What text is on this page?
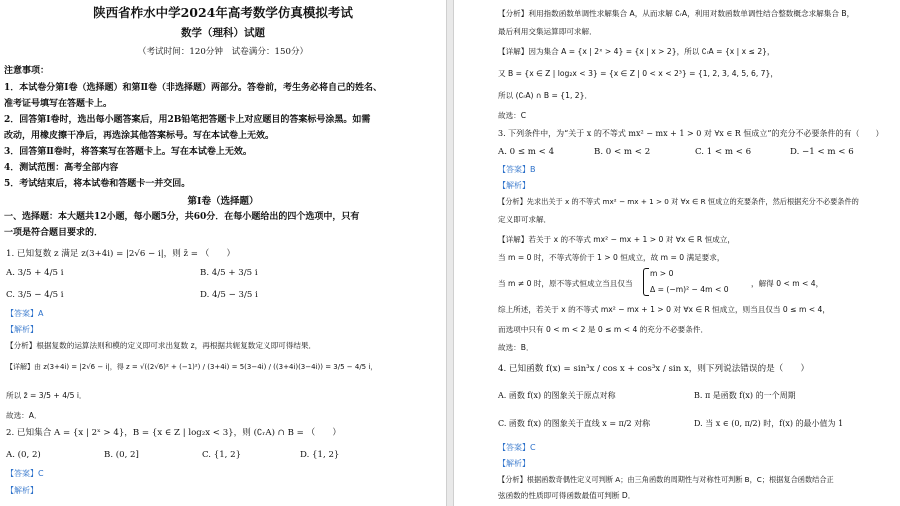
陕西省柞水中学2024年高考数学仿真模拟考试
数学（理科）试题
（考试时间：120分钟　试卷满分：150分）
注意事项：
1．本试卷分第Ⅰ卷（选择题）和第Ⅱ卷（非选择题）两部分。答卷前，考生务必将自己的姓名、
准考证号填写在答题卡上。
2．回答第Ⅰ卷时，选出每小题答案后，用2B铅笔把答题卡上对应题目的答案标号涂黑。如需
改动，用橡皮擦干净后，再选涂其他答案标号。写在本试卷上无效。
3．回答第Ⅱ卷时，将答案写在答题卡上。写在本试卷上无效。
4．测试范围：高考全部内容
5．考试结束后，将本试卷和答题卡一并交回。
第Ⅰ卷（选择题）
一、选择题：本大题共12小题，每小题5分，共60分．在每小题给出的四个选项中，只有
一项是符合题目要求的．
1. 已知复数 z 满足 z(3+4i) = |2√6 − i|，则 z̄ = （　　）
A. 3/5 + 4/5 i	B. 4/5 + 3/5 i
C. 3/5 − 4/5 i	D. 4/5 − 3/5 i
【答案】A
【解析】
【分析】根据复数的运算法则和模的定义即可求出复数 z，再根据共轭复数定义即可得结果．
【详解】由 z(3+4i) = |2√6 − i|，得 z = √((2√6)² + (−1)²) / (3+4i) = 5(3−4i) / ((3+4i)(3−4i)) = 3/5 − 4/5 i，
所以 z̄ = 3/5 + 4/5 i．
故选：A．
2. 已知集合 A = {x | 2ˣ > 4}，B = {x ∈ Z | log₂x < 3}，则 (∁ᵣA) ∩ B = （　　）
A. (0, 2)	B. (0, 2]	C. {1, 2}	D. {1, 2}
【答案】C
【解析】
【分析】利用指数函数单调性求解集合 A，从而求解 ∁ᵣA，利用对数函数单调性结合整数概念求解集合 B，
最后利用交集运算即可求解．
【详解】因为集合 A = {x | 2ˣ > 4} = {x | x > 2}，所以 ∁ᵣA = {x | x ≤ 2}，
又 B = {x ∈ Z | log₂x < 3} = {x ∈ Z | 0 < x < 2³} = {1, 2, 3, 4, 5, 6, 7}，
所以 (∁ᵣA) ∩ B = {1, 2}．
故选：C
3. 下列条件中，为“关于 x 的不等式 mx² − mx + 1 > 0 对 ∀x ∈ R 恒成立”的充分不必要条件的有（　　）
A. 0 ≤ m < 4	B. 0 < m < 2	C. 1 < m < 6	D. −1 < m < 6
【答案】B
【解析】
【分析】先求出关于 x 的不等式 mx² − mx + 1 > 0 对 ∀x ∈ R 恒成立的充要条件，然后根据充分不必要条件的
定义即可求解．
【详解】若关于 x 的不等式 mx² − mx + 1 > 0 对 ∀x ∈ R 恒成立，
当 m = 0 时，不等式等价于 1 > 0 恒成立，故 m = 0 满足要求，
当 m ≠ 0 时，原不等式恒成立当且仅当
m > 0
Δ = (−m)² − 4m < 0
，解得 0 < m < 4，
综上所述，若关于 x 的不等式 mx² − mx + 1 > 0 对 ∀x ∈ R 恒成立，则当且仅当 0 ≤ m < 4，
而选项中只有 0 < m < 2 是 0 ≤ m < 4 的充分不必要条件．
故选：B．
4. 已知函数 f(x) = sin³x / cos x + cos³x / sin x，则下列说法错误的是（　　）
A. 函数 f(x) 的图象关于原点对称	B. π 是函数 f(x) 的一个周期
C. 函数 f(x) 的图象关于直线 x = π/2 对称	D. 当 x ∈ (0, π/2) 时，f(x) 的最小值为 1
【答案】C
【解析】
【分析】根据函数奇偶性定义可判断 A；由三角函数的周期性与对称性可判断 B，C；根据复合函数结合正
弦函数的性质即可得函数最值可判断 D．
